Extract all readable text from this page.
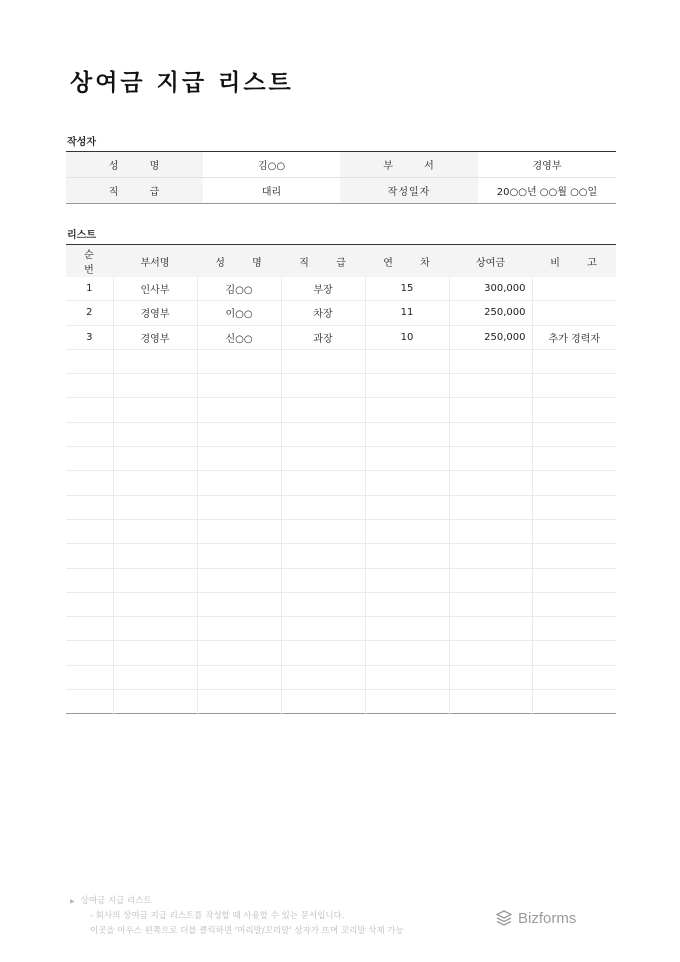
상여금 지급 리스트
작성자
성 명	김○○	부 서	경영부
직 급	대리	작성일자	20○○년 ○○월 ○○일
리스트
순 번	부서명	성 명	직 급	연 차	상여금	비 고
1	인사부	김○○	부장	15	300,000	
2	경영부	이○○	차장	11	250,000	
3	경영부	신○○	과장	10	250,000	추가 경력자

▶ 상여금 지급 리스트
- 회사의 상여금 지급 리스트를 작성할 때 사용할 수 있는 문서입니다.
이곳을 마우스 왼쪽으로 더블 클릭하면 '머리말/꼬리말' 상자가 뜨며 꼬리말 삭제 가능
Bizforms
